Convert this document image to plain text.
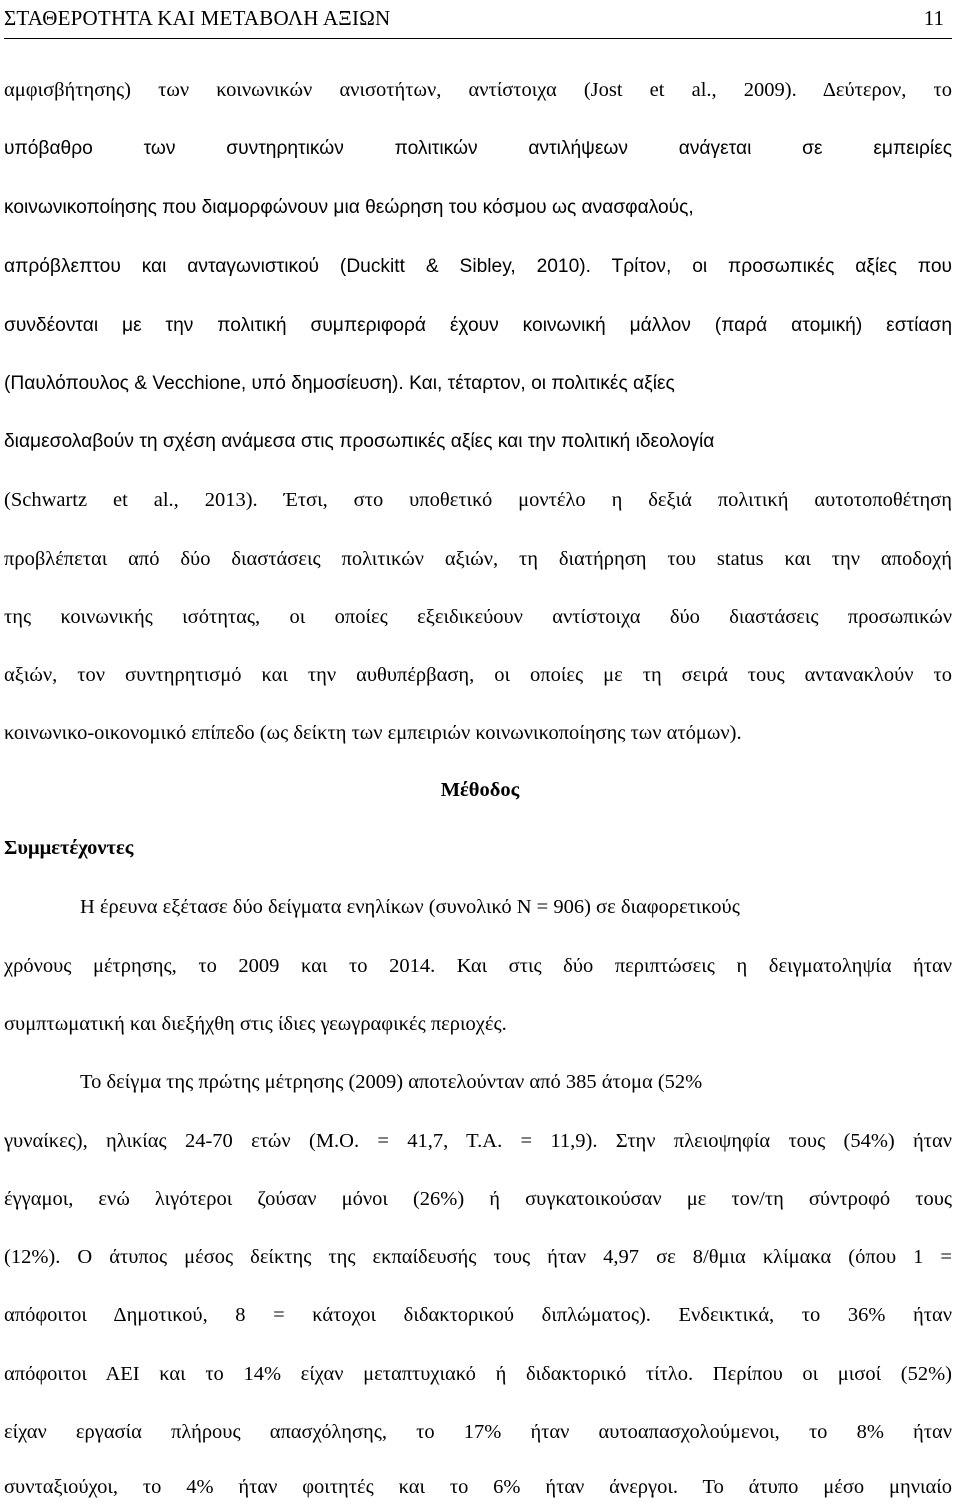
ΣΤΑΘΕΡΟΤΗΤΑ ΚΑΙ ΜΕΤΑΒΟΛΗ ΑΞΙΩΝ	11
αμφισβήτησης) των κοινωνικών ανισοτήτων, αντίστοιχα (Jost et al., 2009). Δεύτερον, το
υπόβαθρο των συντηρητικών πολιτικών αντιλήψεων ανάγεται σε εμπειρίες
κοινωνικοποίησης που διαμορφώνουν μια θεώρηση του κόσμου ως ανασφαλούς,
απρόβλεπτου και ανταγωνιστικού (Duckitt & Sibley, 2010). Τρίτον, οι προσωπικές αξίες που
συνδέονται με την πολιτική συμπεριφορά έχουν κοινωνική μάλλον (παρά ατομική) εστίαση
(Παυλόπουλος & Vecchione, υπό δημοσίευση). Και, τέταρτον, οι πολιτικές αξίες
διαμεσολαβούν τη σχέση ανάμεσα στις προσωπικές αξίες και την πολιτική ιδεολογία
(Schwartz et al., 2013). Έτσι, στο υποθετικό μοντέλο η δεξιά πολιτική αυτοτοποθέτηση
προβλέπεται από δύο διαστάσεις πολιτικών αξιών, τη διατήρηση του status και την αποδοχή
της κοινωνικής ισότητας, οι οποίες εξειδικεύουν αντίστοιχα δύο διαστάσεις προσωπικών
αξιών, τον συντηρητισμό και την αυθυπέρβαση, οι οποίες με τη σειρά τους αντανακλούν το
κοινωνικο-οικονομικό επίπεδο (ως δείκτη των εμπειριών κοινωνικοποίησης των ατόμων).
Μέθοδος
Συμμετέχοντες
Η έρευνα εξέτασε δύο δείγματα ενηλίκων (συνολικό N = 906) σε διαφορετικούς
χρόνους μέτρησης, το 2009 και το 2014. Και στις δύο περιπτώσεις η δειγματοληψία ήταν
συμπτωματική και διεξήχθη στις ίδιες γεωγραφικές περιοχές.
Το δείγμα της πρώτης μέτρησης (2009) αποτελούνταν από 385 άτομα (52%
γυναίκες), ηλικίας 24-70 ετών (Μ.Ο. = 41,7, Τ.Α. = 11,9). Στην πλειοψηφία τους (54%) ήταν
έγγαμοι, ενώ λιγότεροι ζούσαν μόνοι (26%) ή συγκατοικούσαν με τον/τη σύντροφό τους
(12%). Ο άτυπος μέσος δείκτης της εκπαίδευσής τους ήταν 4,97 σε 8/θμια κλίμακα (όπου 1 =
απόφοιτοι Δημοτικού, 8 = κάτοχοι διδακτορικού διπλώματος). Ενδεικτικά, το 36% ήταν
απόφοιτοι ΑΕΙ και το 14% είχαν μεταπτυχιακό ή διδακτορικό τίτλο. Περίπου οι μισοί (52%)
είχαν εργασία πλήρους απασχόλησης, το 17% ήταν αυτοαπασχολούμενοι, το 8% ήταν
συνταξιούχοι, το 4% ήταν φοιτητές και το 6% ήταν άνεργοι. Το άτυπο μέσο μηνιαίο
